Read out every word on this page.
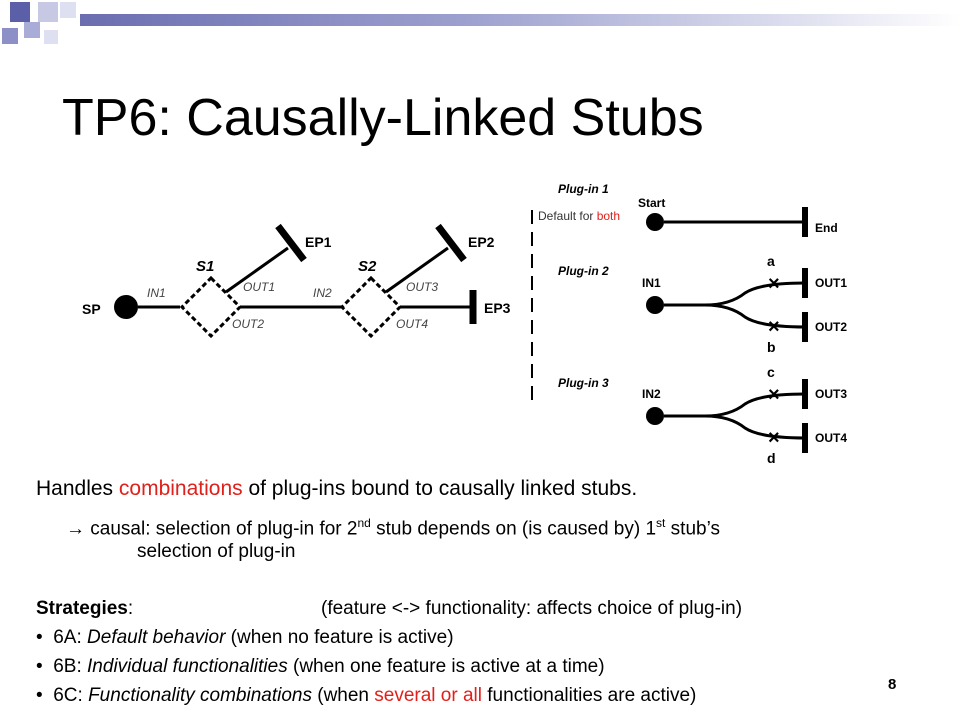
TP6: Causally-Linked Stubs
SP
IN1
S1
EP1
OUT1
OUT2
IN2
S2
EP2
OUT3
OUT4
EP3
Plug-in 1
Start
Default for both
End
Plug-in 2
IN1
a
×
×
b
OUT1
OUT2
Plug-in 3
IN2
c
×
×
d
OUT3
OUT4
Handles combinations of plug-ins bound to causally linked stubs.
→ causal: selection of plug-in for 2nd stub depends on (is caused by) 1st stub’s
selection of plug-in
Strategies:	(feature <-> functionality: affects choice of plug-in)
• 6A: Default behavior (when no feature is active)
• 6B: Individual functionalities (when one feature is active at a time)
• 6C: Functionality combinations (when several or all functionalities are active)
8
